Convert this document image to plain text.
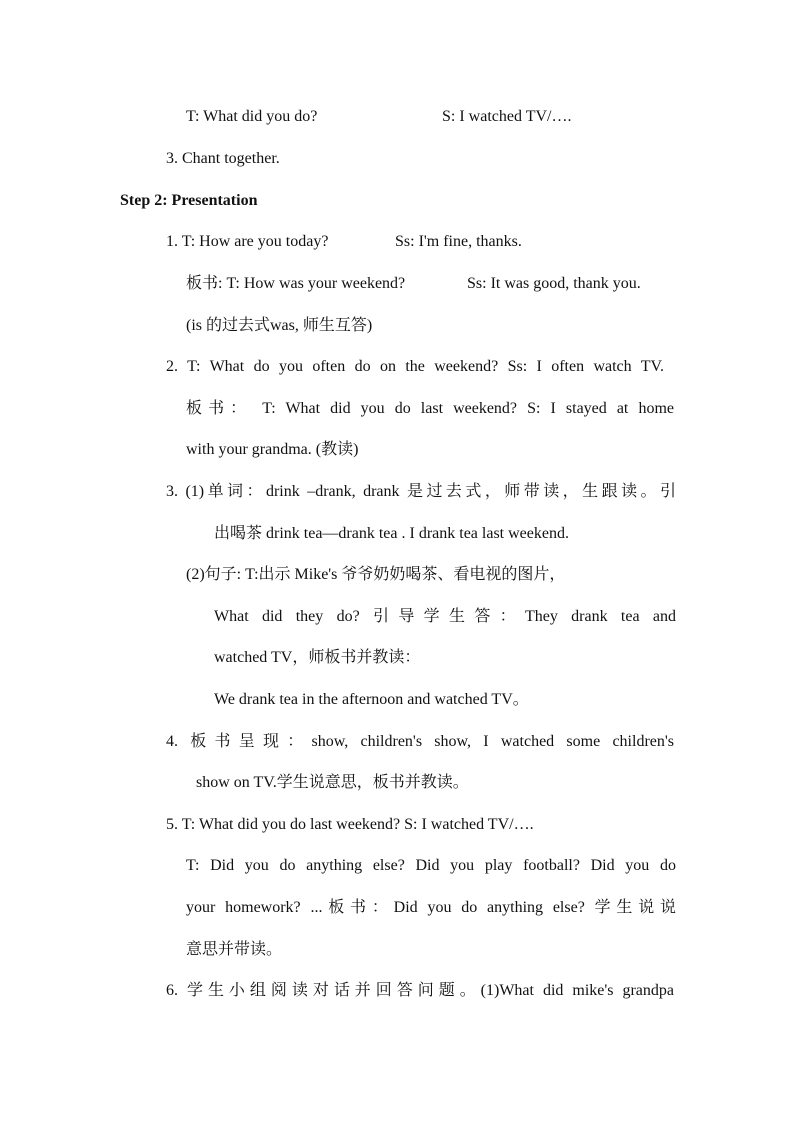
T: What did you do?	S: I watched TV/….
3. Chant together.
Step 2: Presentation
1. T: How are you today?	Ss: I'm fine, thanks.
板书: T: How was your weekend?	Ss: It was good, thank you.
(is 的过去式was, 师生互答)
2. T: What do you often do on the weekend? Ss: I often watch TV.
板书： T: What did you do last weekend? S: I stayed at home
with your grandma. (教读)
3. (1)单词：drink –drank, drank 是过去式，师带读，生跟读。引
出喝茶 drink tea—drank tea . I drank tea last weekend.
(2)句子: T:出示 Mike's 爷爷奶奶喝茶、看电视的图片，
What did they do? 引导学生答：They drank tea and
watched TV，师板书并教读：
We drank tea in the afternoon and watched TV。
4. 板书呈现：show, children's show, I watched some children's
show on TV.学生说意思，板书并教读。
5. T: What did you do last weekend? S: I watched TV/….
T: Did you do anything else? Did you play football? Did you do
your homework? ...板书：Did you do anything else? 学生说说
意思并带读。
6. 学生小组阅读对话并回答问题。(1)What did mike's grandpa
